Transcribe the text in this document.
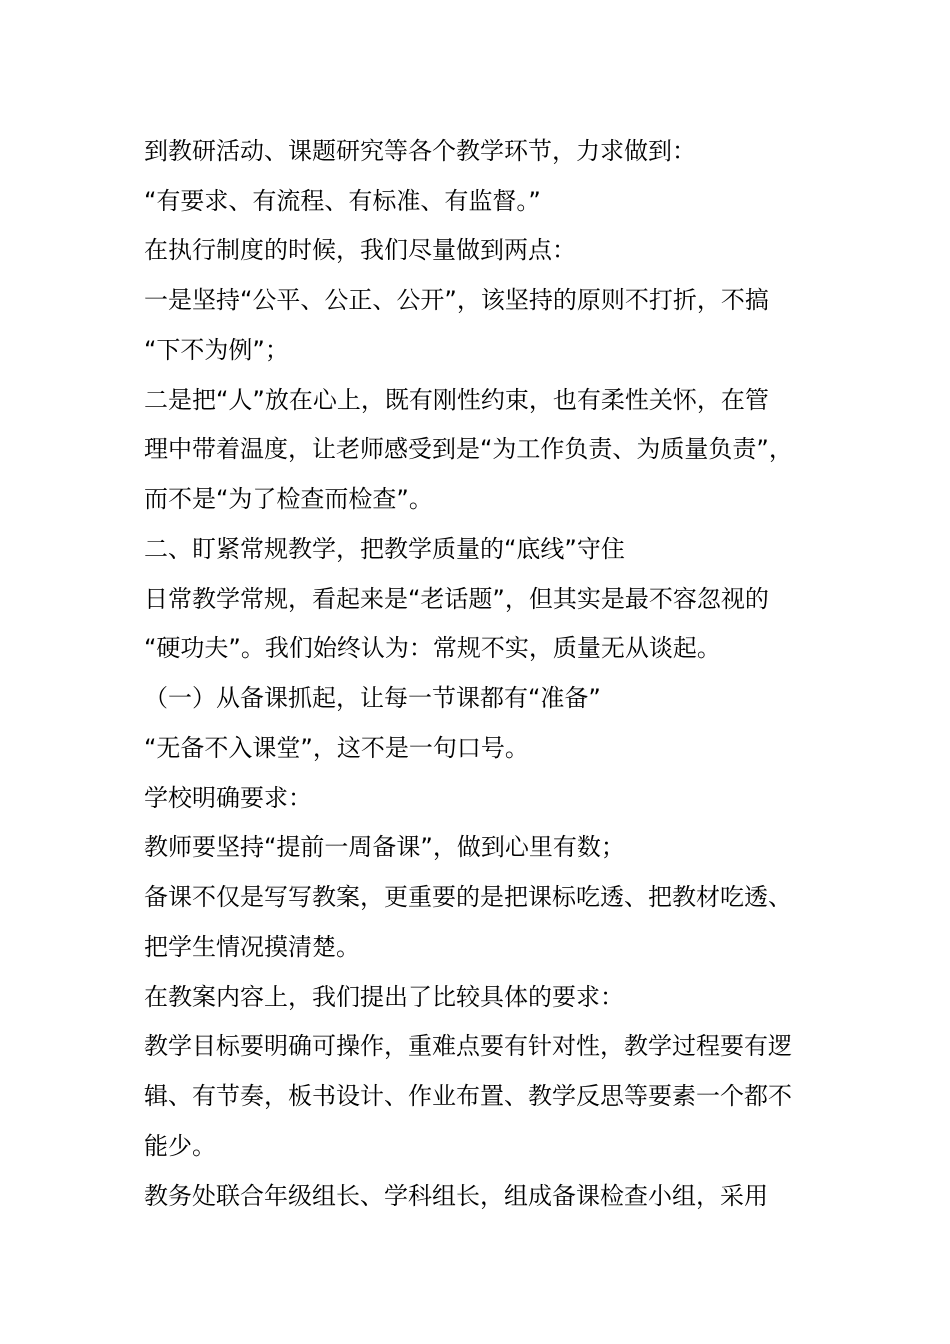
到教研活动、课题研究等各个教学环节，力求做到：

“有要求、有流程、有标准、有监督。”

在执行制度的时候，我们尽量做到两点：

一是坚持“公平、公正、公开”，该坚持的原则不打折，不搞

“下不为例”；

二是把“人”放在心上，既有刚性约束，也有柔性关怀，在管

理中带着温度，让老师感受到是“为工作负责、为质量负责”，

而不是“为了检查而检查”。

二、盯紧常规教学，把教学质量的“底线”守住

日常教学常规，看起来是“老话题”，但其实是最不容忽视的

“硬功夫”。我们始终认为：常规不实，质量无从谈起。

（一）从备课抓起，让每一节课都有“准备”

“无备不入课堂”，这不是一句口号。

学校明确要求：

教师要坚持“提前一周备课”，做到心里有数；

备课不仅是写写教案，更重要的是把课标吃透、把教材吃透、

把学生情况摸清楚。

在教案内容上，我们提出了比较具体的要求：

教学目标要明确可操作，重难点要有针对性，教学过程要有逻

辑、有节奏，板书设计、作业布置、教学反思等要素一个都不

能少。

教务处联合年级组长、学科组长，组成备课检查小组，采用
